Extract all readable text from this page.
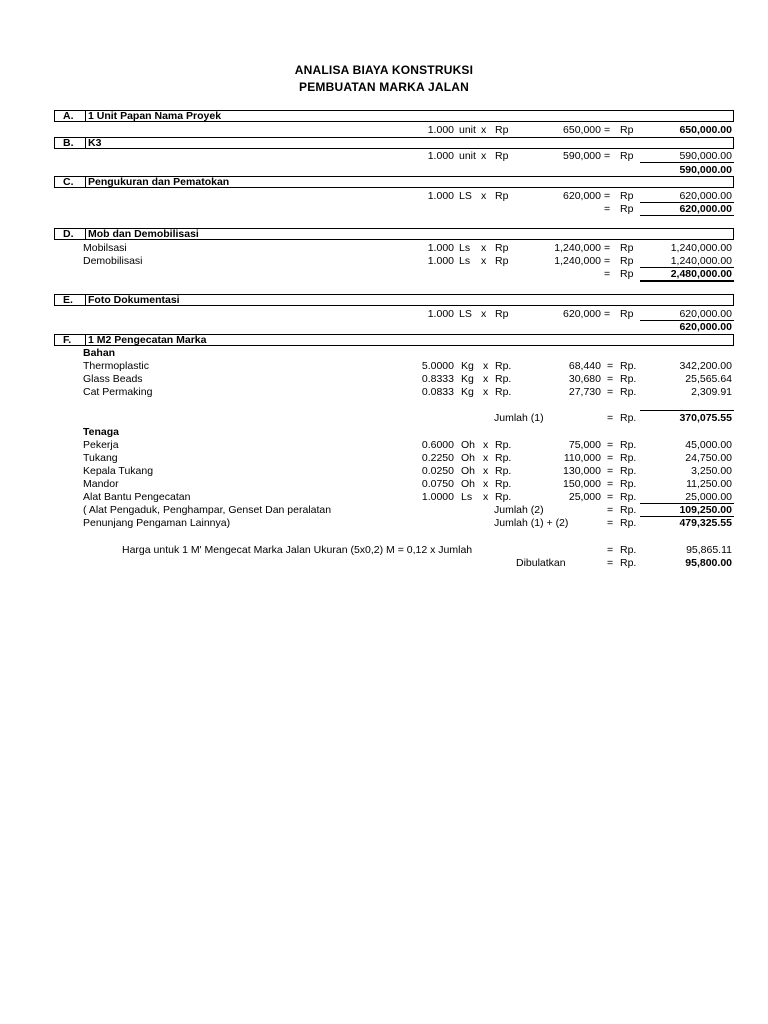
ANALISA BIAYA KONSTRUKSI
PEMBUATAN MARKA JALAN
A. 1 Unit Papan Nama Proyek
1.000 unit x Rp	650,000 = Rp	650,000.00
B. K3
1.000 unit x Rp	590,000 = Rp	590,000.00
590,000.00
C. Pengukuran dan Pematokan
1.000 LS x Rp	620,000 = Rp	620,000.00
= Rp	620,000.00
D. Mob dan Demobilisasi
Mobilsasi	1.000 Ls x Rp	1,240,000 = Rp	1,240,000.00
Demobilisasi	1.000 Ls x Rp	1,240,000 = Rp	1,240,000.00
= Rp	2,480,000.00
E. Foto Dokumentasi
1.000 LS x Rp	620,000 = Rp	620,000.00
620,000.00
F. 1 M2 Pengecatan Marka
Bahan
Thermoplastic	5.0000 Kg x Rp.	68,440 = Rp.	342,200.00
Glass Beads	0.8333 Kg x Rp.	30,680 = Rp.	25,565.64
Cat Permaking	0.0833 Kg x Rp.	27,730 = Rp.	2,309.91
Jumlah (1)	= Rp.	370,075.55
Tenaga
Pekerja	0.6000 Oh x Rp.	75,000 = Rp.	45,000.00
Tukang	0.2250 Oh x Rp.	110,000 = Rp.	24,750.00
Kepala Tukang	0.0250 Oh x Rp.	130,000 = Rp.	3,250.00
Mandor	0.0750 Oh x Rp.	150,000 = Rp.	11,250.00
Alat Bantu Pengecatan	1.0000 Ls x Rp.	25,000 = Rp.	25,000.00
( Alat Pengaduk, Penghampar, Genset Dan peralatan	Jumlah (2)	= Rp.	109,250.00
Penunjang Pengaman Lainnya)	Jumlah (1) + (2)	= Rp.	479,325.55
Harga untuk 1 M' Mengecat Marka Jalan Ukuran (5x0,2) M = 0,12 x Jumlah	= Rp.	95,865.11
Dibulatkan	= Rp.	95,800.00
